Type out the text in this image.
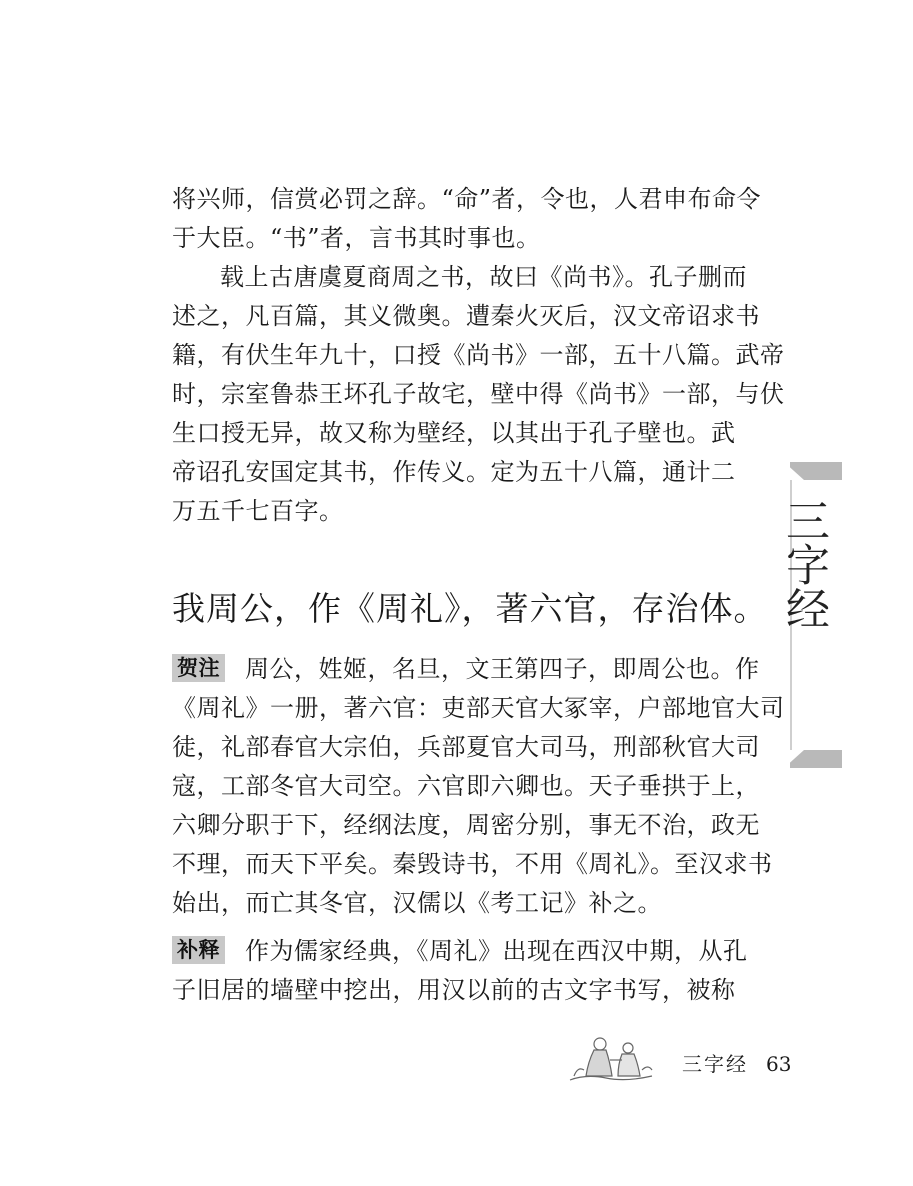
将兴师，信赏必罚之辞。“命”者，令也，人君申布命令
于大臣。“书”者，言书其时事也。
载上古唐虞夏商周之书，故曰《尚书》。孔子删而
述之，凡百篇，其义微奥。遭秦火灭后，汉文帝诏求书
籍，有伏生年九十，口授《尚书》一部，五十八篇。武帝
时，宗室鲁恭王坏孔子故宅，壁中得《尚书》一部，与伏
生口授无异，故又称为壁经，以其出于孔子壁也。武
帝诏孔安国定其书，作传义。定为五十八篇，通计二
万五千七百字。
我周公，作《周礼》，著六官，存治体。
贺注 周公，姓姬，名旦，文王第四子，即周公也。作
《周礼》一册，著六官：吏部天官大冢宰，户部地官大司
徒，礼部春官大宗伯，兵部夏官大司马，刑部秋官大司
寇，工部冬官大司空。六官即六卿也。天子垂拱于上，
六卿分职于下，经纲法度，周密分别，事无不治，政无
不理，而天下平矣。秦毁诗书，不用《周礼》。至汉求书
始出，而亡其冬官，汉儒以《考工记》补之。
补释 作为儒家经典，《周礼》出现在西汉中期，从孔
子旧居的墙壁中挖出，用汉以前的古文字书写，被称
三字经
三字经 63
